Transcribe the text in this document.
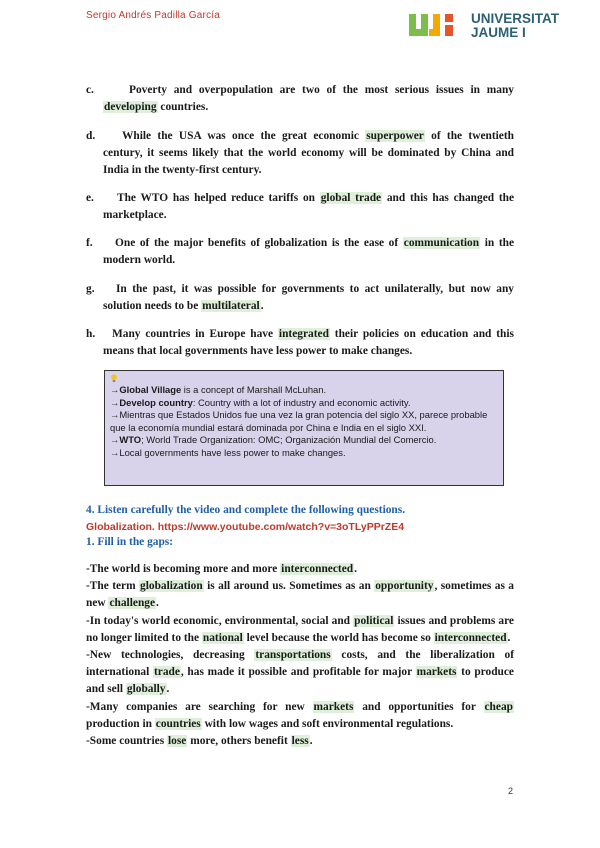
Sergio Andrés Padilla García	UNIVERSITAT
JAUME I
c.	Poverty and overpopulation are two of the most serious issues in many developing countries.
d.	While the USA was once the great economic superpower of the twentieth century, it seems likely that the world economy will be dominated by China and India in the twenty-first century.
e.	The WTO has helped reduce tariffs on global trade and this has changed the marketplace.
f.	One of the major benefits of globalization is the ease of communication in the modern world.
g.	In the past, it was possible for governments to act unilaterally, but now any solution needs to be multilateral.
h.	Many countries in Europe have integrated their policies on education and this means that local governments have less power to make changes.
→Global Village is a concept of Marshall McLuhan.
→Develop country: Country with a lot of industry and economic activity.
→Mientras que Estados Unidos fue una vez la gran potencia del siglo XX, parece probable que la economía mundial estará dominada por China e India en el siglo XXI.
→WTO; World Trade Organization: OMC; Organización Mundial del Comercio.
→Local governments have less power to make changes.
4. Listen carefully the video and complete the following questions.
Globalization. https://www.youtube.com/watch?v=3oTLyPPrZE4
1. Fill in the gaps:

-The world is becoming more and more interconnected.

-The term globalization is all around us. Sometimes as an opportunity, sometimes as a new challenge.

-In today's world economic, environmental, social and political issues and problems are no longer limited to the national level because the world has become so interconnected.

-New technologies, decreasing transportations costs, and the liberalization of international trade, has made it possible and profitable for major markets to produce and sell globally.

-Many companies are searching for new markets and opportunities for cheap production in countries with low wages and soft environmental regulations.

-Some countries lose more, others benefit less.

2
